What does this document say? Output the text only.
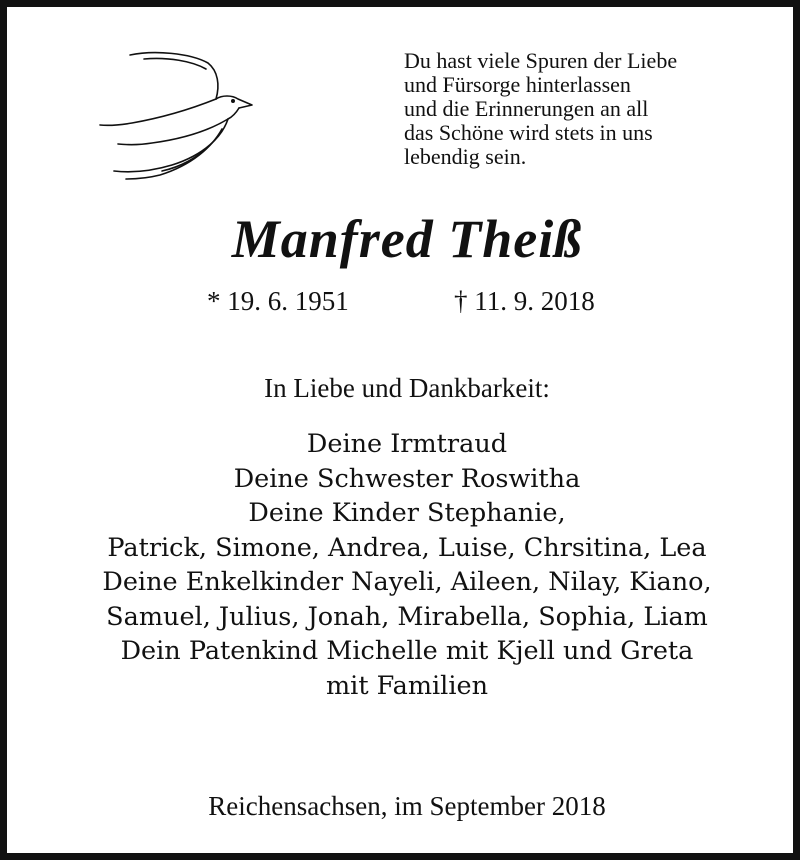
Du hast viele Spuren der Liebe
und Fürsorge hinterlassen
und die Erinnerungen an all
das Schöne wird stets in uns
lebendig sein.
Manfred Theiß
* 19. 6. 1951	† 11. 9. 2018
In Liebe und Dankbarkeit:
Deine Irmtraud
Deine Schwester Roswitha
Deine Kinder Stephanie,
Patrick, Simone, Andrea, Luise, Chrsitina, Lea
Deine Enkelkinder Nayeli, Aileen, Nilay, Kiano,
Samuel, Julius, Jonah, Mirabella, Sophia, Liam
Dein Patenkind Michelle mit Kjell und Greta
mit Familien
Reichensachsen, im September 2018
